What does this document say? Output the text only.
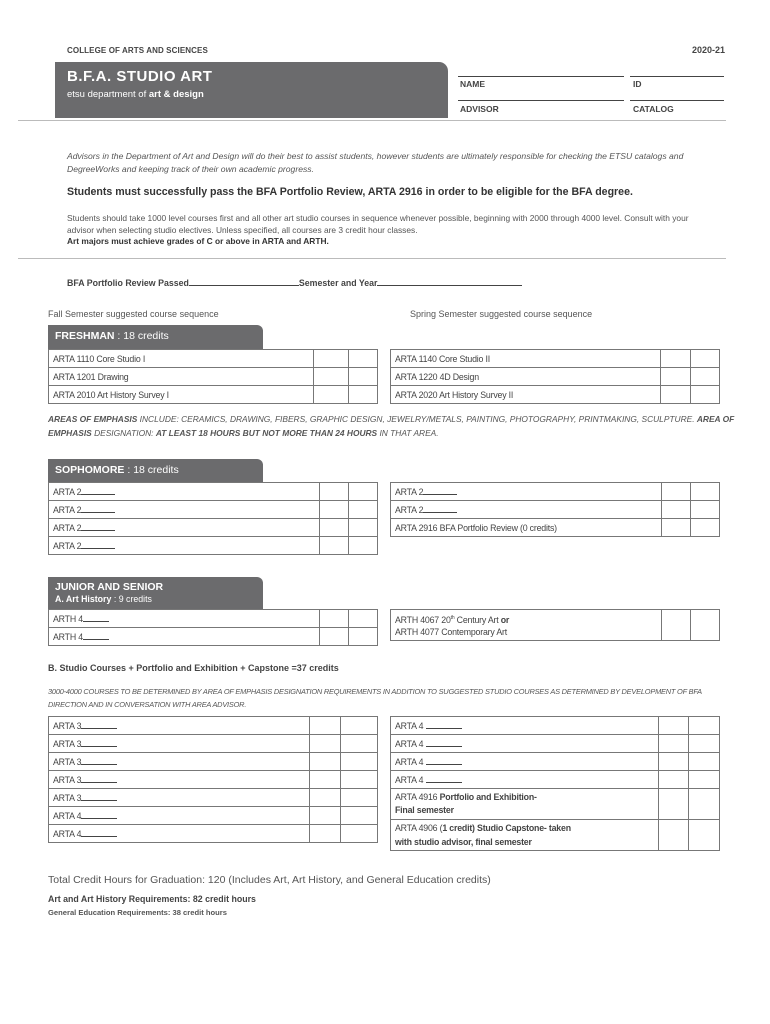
COLLEGE OF ARTS AND SCIENCES	2020-21
B.F.A. STUDIO ART
etsu department of art & design
NAME	ID
ADVISOR	CATALOG
Advisors in the Department of Art and Design will do their best to assist students, however students are ultimately responsible for checking the ETSU catalogs and DegreeWorks and keeping track of their own academic progress.
Students must successfully pass the BFA Portfolio Review, ARTA 2916 in order to be eligible for the BFA degree.
Students should take 1000 level courses first and all other art studio courses in sequence whenever possible, beginning with 2000 through 4000 level. Consult with your advisor when selecting studio electives. Unless specified, all courses are 3 credit hour classes.
Art majors must achieve grades of C or above in ARTA and ARTH.
BFA Portfolio Review Passed	Semester and Year
Fall Semester suggested course sequence	Spring Semester suggested course sequence
FRESHMAN : 18 credits
ARTA 1110 Core Studio I		
ARTA 1201 Drawing		
ARTA 2010 Art History Survey I		
ARTA 1140 Core Studio II		
ARTA 1220 4D Design		
ARTA 2020 Art History Survey II		
AREAS OF EMPHASIS INCLUDE: CERAMICS, DRAWING, FIBERS, GRAPHIC DESIGN, JEWELRY/METALS, PAINTING, PHOTOGRAPHY, PRINTMAKING, SCULPTURE. AREA OF EMPHASIS DESIGNATION: AT LEAST 18 HOURS BUT NOT MORE THAN 24 HOURS IN THAT AREA.
SOPHOMORE : 18 credits
ARTA 2		
ARTA 2		
ARTA 2		
ARTA 2		
ARTA 2		
ARTA 2		
ARTA 2916 BFA Portfolio Review (0 credits)		
JUNIOR AND SENIOR
A. Art History : 9 credits
ARTH 4		
ARTH 4		
ARTH 4067 20th Century Art or
ARTH 4077 Contemporary Art		
B. Studio Courses + Portfolio and Exhibition + Capstone =37 credits
3000-4000 COURSES TO BE DETERMINED BY AREA OF EMPHASIS DESIGNATION REQUIREMENTS IN ADDITION TO SUGGESTED STUDIO COURSES AS DETERMINED BY DEVELOPMENT OF BFA DIRECTION AND IN CONVERSATION WITH AREA ADVISOR.
ARTA 3		
ARTA 3		
ARTA 3		
ARTA 3		
ARTA 3		
ARTA 4		
ARTA 4		
ARTA 4		
ARTA 4		
ARTA 4		
ARTA 4		
ARTA 4916 Portfolio and Exhibition-
Final semester		
ARTA 4906 (1 credit) Studio Capstone- taken
with studio advisor, final semester		
Total Credit Hours for Graduation: 120 (Includes Art, Art History, and General Education credits)
Art and Art History Requirements: 82 credit hours
General Education Requirements: 38 credit hours
